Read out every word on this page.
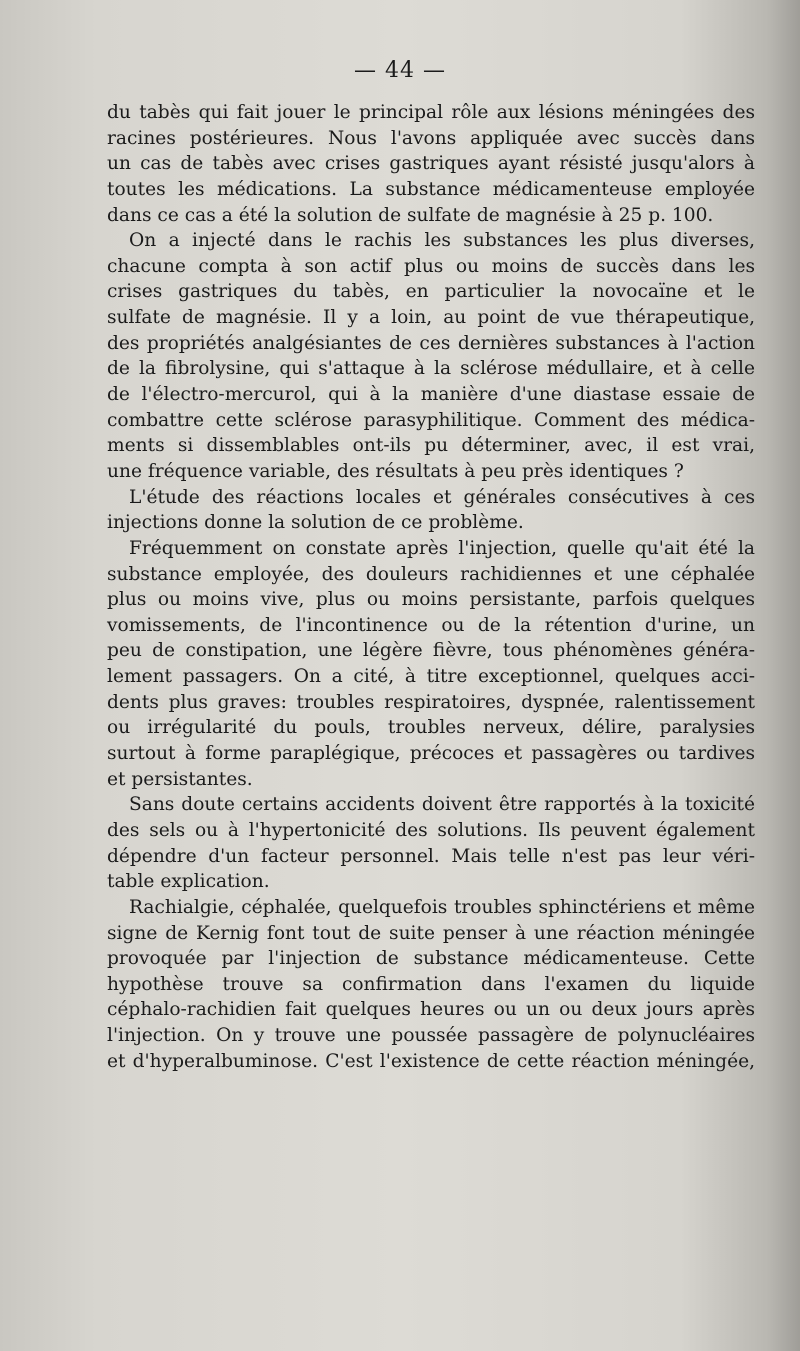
— 44 —
du tabès qui fait jouer le principal rôle aux lésions méningées des
racines postérieures. Nous l'avons appliquée avec succès dans
un cas de tabès avec crises gastriques ayant résisté jusqu'alors à
toutes les médications. La substance médicamenteuse employée
dans ce cas a été la solution de sulfate de magnésie à 25 p. 100.
On a injecté dans le rachis les substances les plus diverses,
chacune compta à son actif plus ou moins de succès dans les
crises gastriques du tabès, en particulier la novocaïne et le
sulfate de magnésie. Il y a loin, au point de vue thérapeutique,
des propriétés analgésiantes de ces dernières substances à l'action
de la fibrolysine, qui s'attaque à la sclérose médullaire, et à celle
de l'électro-mercurol, qui à la manière d'une diastase essaie de
combattre cette sclérose parasyphilitique. Comment des médica-
ments si dissemblables ont-ils pu déterminer, avec, il est vrai,
une fréquence variable, des résultats à peu près identiques ?
L'étude des réactions locales et générales consécutives à ces
injections donne la solution de ce problème.
Fréquemment on constate après l'injection, quelle qu'ait été la
substance employée, des douleurs rachidiennes et une céphalée
plus ou moins vive, plus ou moins persistante, parfois quelques
vomissements, de l'incontinence ou de la rétention d'urine, un
peu de constipation, une légère fièvre, tous phénomènes généra-
lement passagers. On a cité, à titre exceptionnel, quelques acci-
dents plus graves: troubles respiratoires, dyspnée, ralentissement
ou irrégularité du pouls, troubles nerveux, délire, paralysies
surtout à forme paraplégique, précoces et passagères ou tardives
et persistantes.
Sans doute certains accidents doivent être rapportés à la toxicité
des sels ou à l'hypertonicité des solutions. Ils peuvent également
dépendre d'un facteur personnel. Mais telle n'est pas leur véri-
table explication.
Rachialgie, céphalée, quelquefois troubles sphinctériens et même
signe de Kernig font tout de suite penser à une réaction méningée
provoquée par l'injection de substance médicamenteuse. Cette
hypothèse trouve sa confirmation dans l'examen du liquide
céphalo-rachidien fait quelques heures ou un ou deux jours après
l'injection. On y trouve une poussée passagère de polynucléaires
et d'hyperalbuminose. C'est l'existence de cette réaction méningée,
